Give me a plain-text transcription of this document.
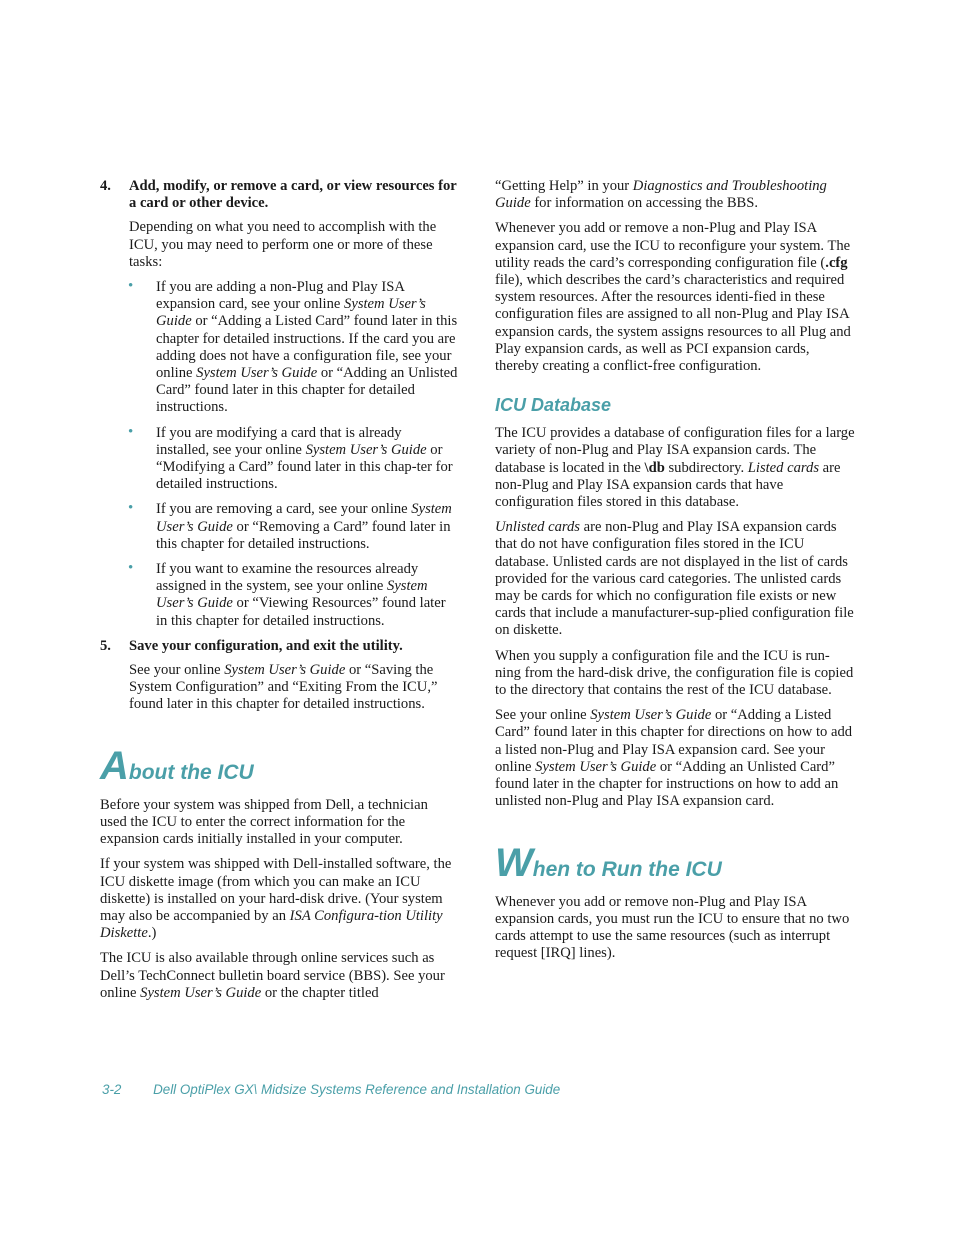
4. Add, modify, or remove a card, or view resources for a card or other device.

Depending on what you need to accomplish with the ICU, you may need to perform one or more of these tasks:

• If you are adding a non-Plug and Play ISA expansion card, see your online System User’s Guide or “Adding a Listed Card” found later in this chapter for detailed instructions. If the card you are adding does not have a configuration file, see your online System User’s Guide or “Adding an Unlisted Card” found later in this chapter for detailed instructions.
• If you are modifying a card that is already installed, see your online System User’s Guide or “Modifying a Card” found later in this chap-ter for detailed instructions.
• If you are removing a card, see your online System User’s Guide or “Removing a Card” found later in this chapter for detailed instructions.
• If you want to examine the resources already assigned in the system, see your online System User’s Guide or “Viewing Resources” found later in this chapter for detailed instructions.
5. Save your configuration, and exit the utility.

See your online System User’s Guide or “Saving the System Configuration” and “Exiting From the ICU,” found later in this chapter for detailed instructions.

About the ICU

Before your system was shipped from Dell, a technician used the ICU to enter the correct information for the expansion cards initially installed in your computer.

If your system was shipped with Dell-installed software, the ICU diskette image (from which you can make an ICU diskette) is installed on your hard-disk drive. (Your system may also be accompanied by an ISA Configura-tion Utility Diskette.)

The ICU is also available through online services such as Dell’s TechConnect bulletin board service (BBS). See your online System User’s Guide or the chapter titled

“Getting Help” in your Diagnostics and Troubleshooting Guide for information on accessing the BBS.

Whenever you add or remove a non-Plug and Play ISA expansion card, use the ICU to reconfigure your system. The utility reads the card’s corresponding configuration file (.cfg file), which describes the card’s characteristics and required system resources. After the resources identi-fied in these configuration files are assigned to all non-Plug and Play ISA expansion cards, the system assigns resources to all Plug and Play expansion cards, as well as PCI expansion cards, thereby creating a conflict-free configuration.

ICU Database

The ICU provides a database of configuration files for a large variety of non-Plug and Play ISA expansion cards. The database is located in the \db subdirectory. Listed cards are non-Plug and Play ISA expansion cards that have configuration files stored in this database.

Unlisted cards are non-Plug and Play ISA expansion cards that do not have configuration files stored in the ICU database. Unlisted cards are not displayed in the list of cards provided for the various card categories. The unlisted cards may be cards for which no configuration file exists or new cards that include a manufacturer-sup-plied configuration file on diskette.

When you supply a configuration file and the ICU is run-ning from the hard-disk drive, the configuration file is copied to the directory that contains the rest of the ICU database.

See your online System User’s Guide or “Adding a Listed Card” found later in this chapter for directions on how to add a listed non-Plug and Play ISA expansion card. See your online System User’s Guide or “Adding an Unlisted Card” found later in the chapter for instructions on how to add an unlisted non-Plug and Play ISA expansion card.

When to Run the ICU

Whenever you add or remove non-Plug and Play ISA expansion cards, you must run the ICU to ensure that no two cards attempt to use the same resources (such as interrupt request [IRQ] lines).

3-2 Dell OptiPlex GX\ Midsize Systems Reference and Installation Guide
